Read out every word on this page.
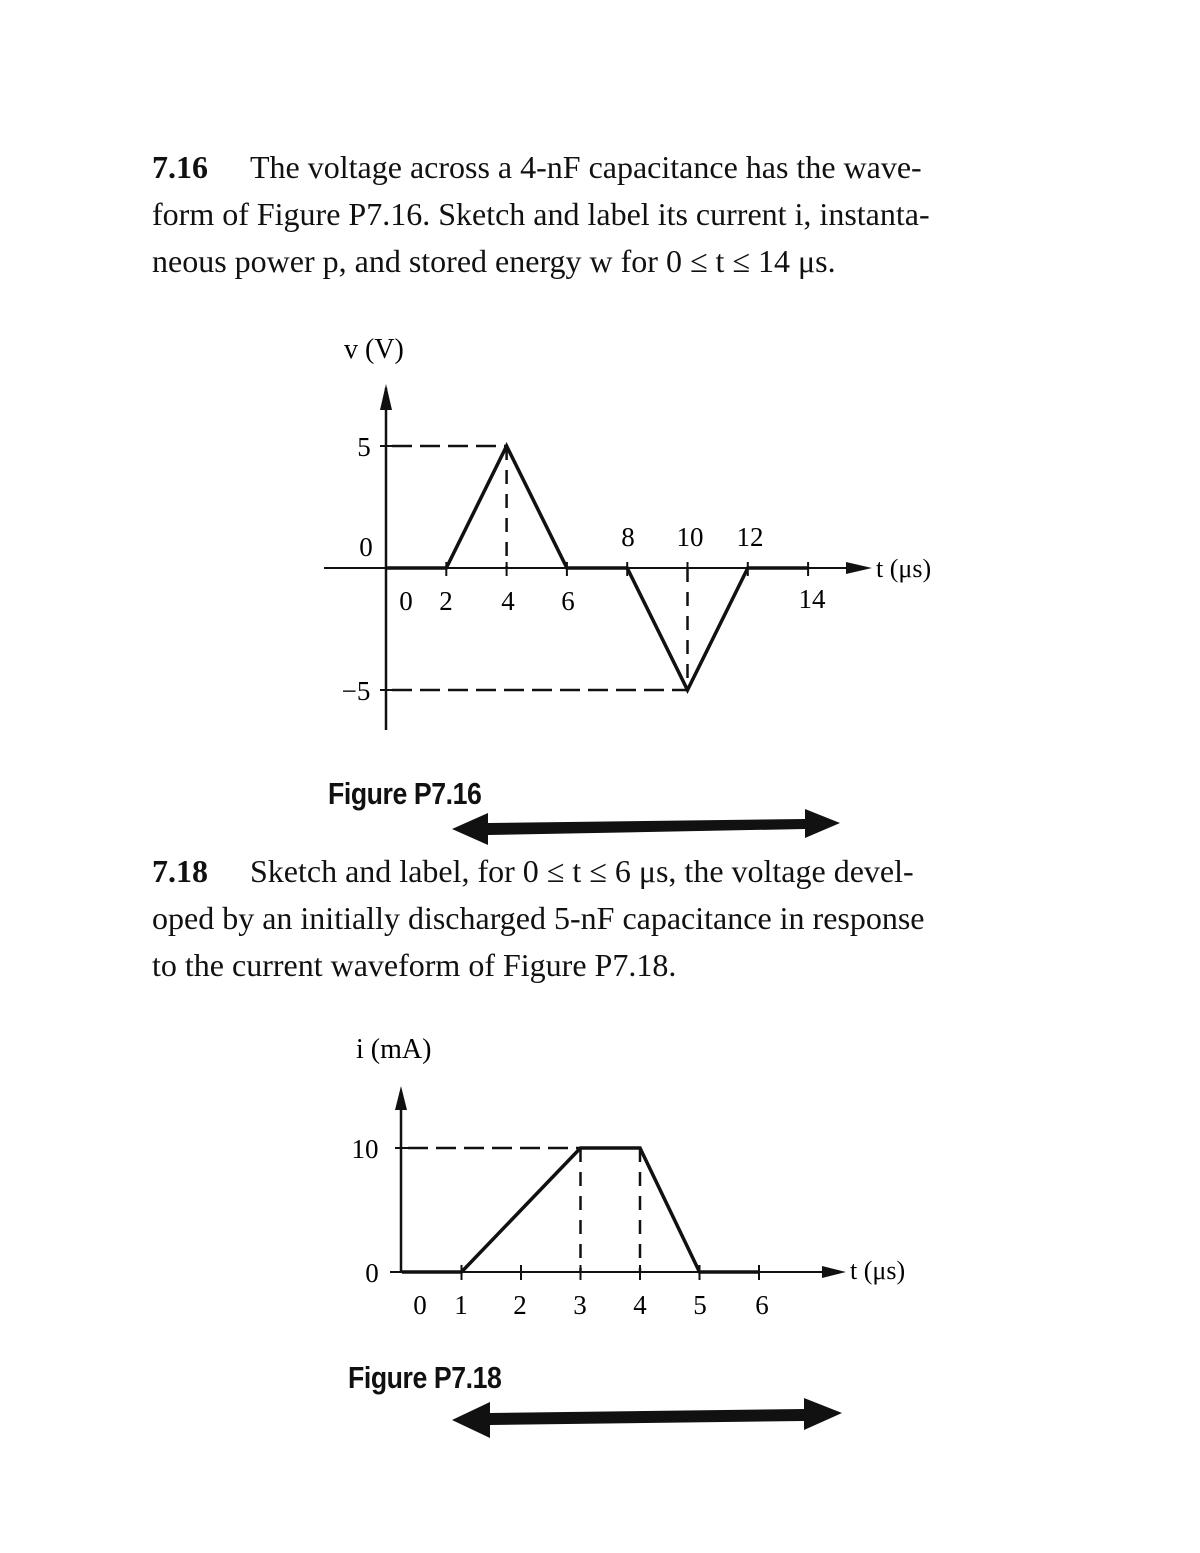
7.16 The voltage across a 4-nF capacitance has the wave-
form of Figure P7.16. Sketch and label its current i, instanta-
neous power p, and stored energy w for 0 ≤ t ≤ 14 μs.
7.18 Sketch and label, for 0 ≤ t ≤ 6 μs, the voltage devel-
oped by an initially discharged 5-nF capacitance in response
to the current waveform of Figure P7.18.
v (V)
t (μs)
0 2 4 6
8 10 12
14
5
0
−5
i (mA)
t (μs)
0 1 2 3 4 5 6
10
0
Figure P7.16
Figure P7.18
